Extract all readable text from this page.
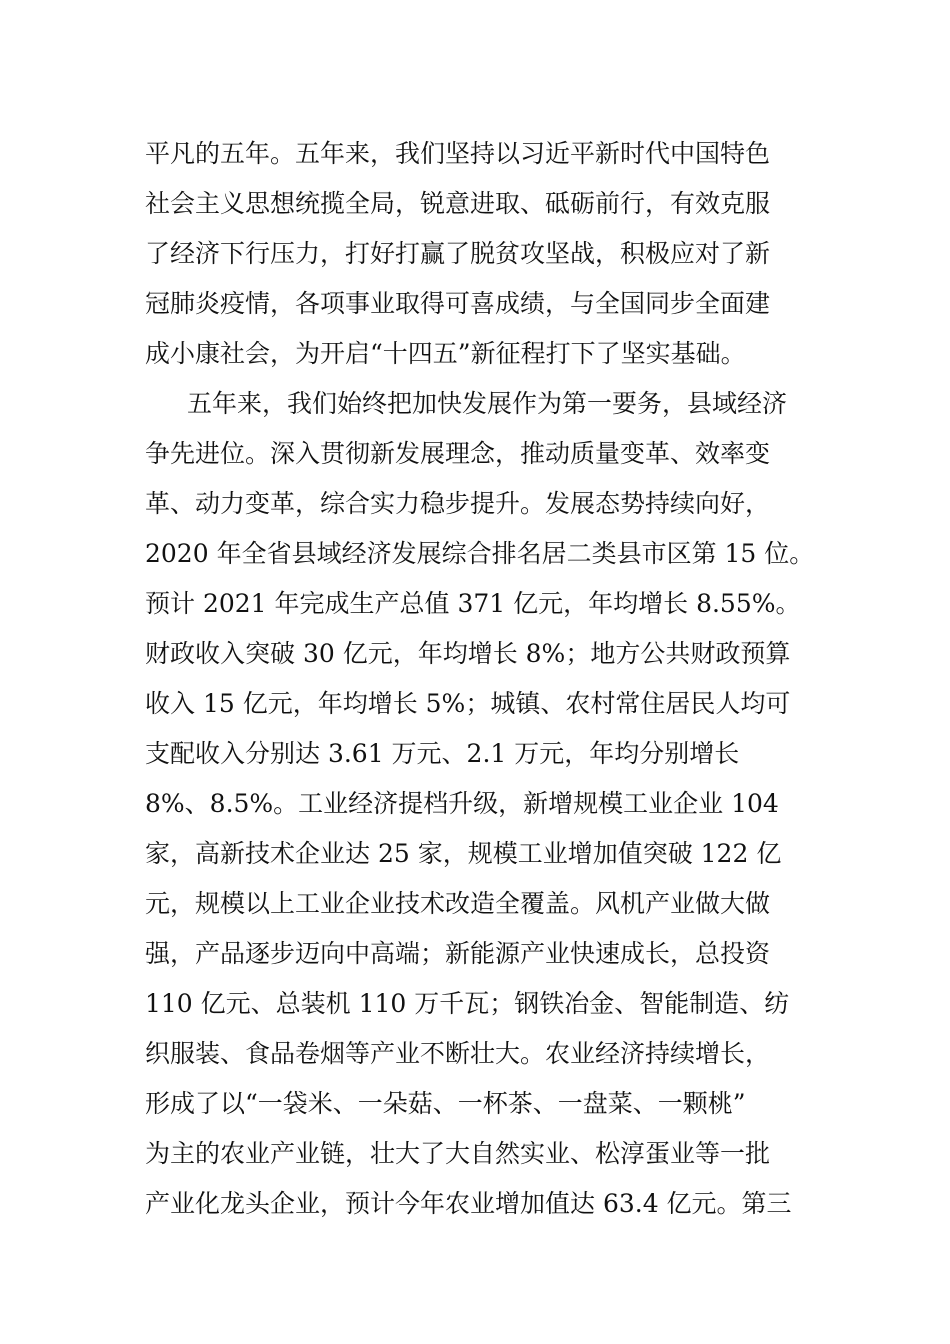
平凡的五年。五年来，我们坚持以习近平新时代中国特色
社会主义思想统揽全局，锐意进取、砥砺前行，有效克服
了经济下行压力，打好打赢了脱贫攻坚战，积极应对了新
冠肺炎疫情，各项事业取得可喜成绩，与全国同步全面建
成小康社会，为开启“十四五”新征程打下了坚实基础。
五年来，我们始终把加快发展作为第一要务，县域经济
争先进位。深入贯彻新发展理念，推动质量变革、效率变
革、动力变革，综合实力稳步提升。发展态势持续向好，
2020 年全省县域经济发展综合排名居二类县市区第 15 位。
预计 2021 年完成生产总值 371 亿元，年均增长 8.55%。
财政收入突破 30 亿元，年均增长 8%；地方公共财政预算
收入 15 亿元，年均增长 5%；城镇、农村常住居民人均可
支配收入分别达 3.61 万元、2.1 万元，年均分别增长
8%、8.5%。工业经济提档升级，新增规模工业企业 104
家，高新技术企业达 25 家，规模工业增加值突破 122 亿
元，规模以上工业企业技术改造全覆盖。风机产业做大做
强，产品逐步迈向中高端；新能源产业快速成长，总投资
110 亿元、总装机 110 万千瓦；钢铁冶金、智能制造、纺
织服装、食品卷烟等产业不断壮大。农业经济持续增长，
形成了以“一袋米、一朵菇、一杯茶、一盘菜、一颗桃”
为主的农业产业链，壮大了大自然实业、松淳蛋业等一批
产业化龙头企业，预计今年农业增加值达 63.4 亿元。第三
